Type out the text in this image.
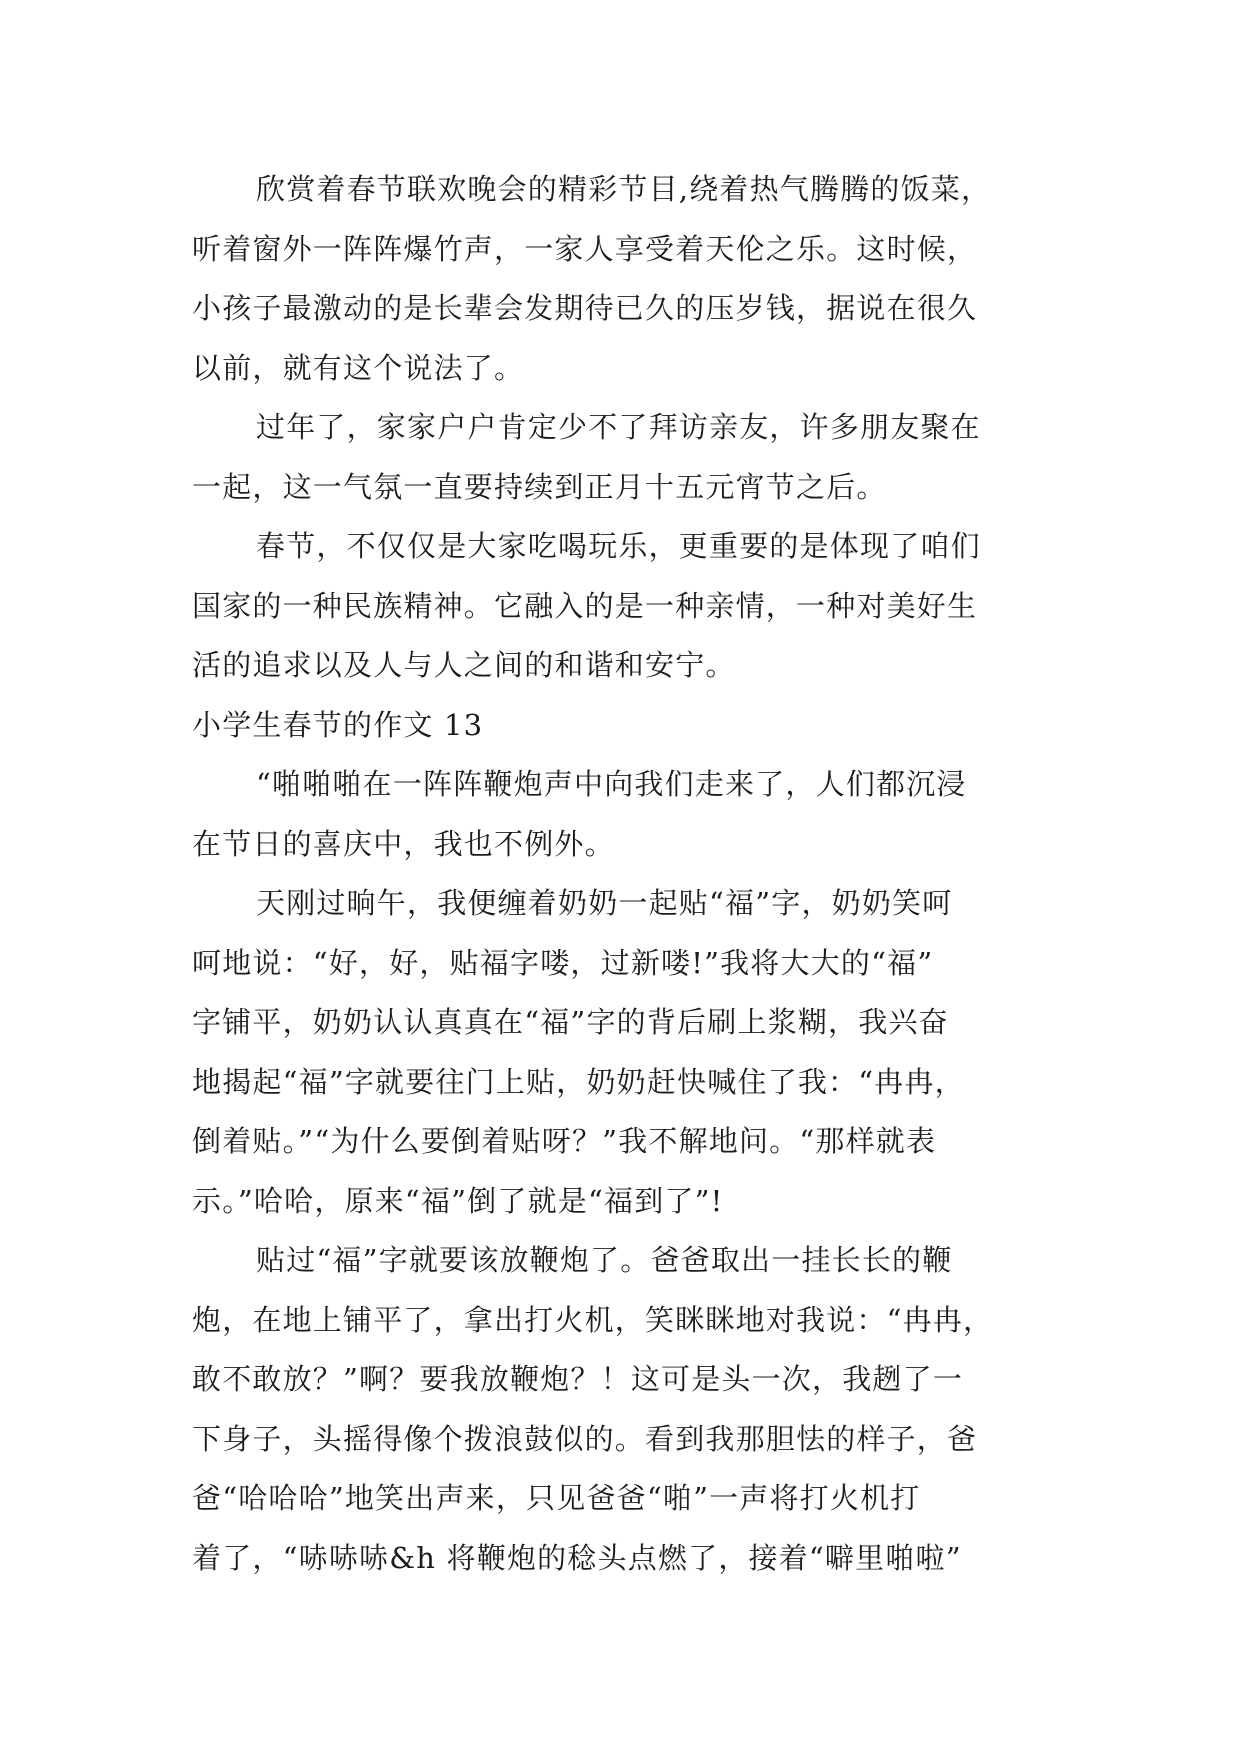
欣赏着春节联欢晚会的精彩节目,绕着热气腾腾的饭菜，
听着窗外一阵阵爆竹声，一家人享受着天伦之乐。这时候，
小孩子最激动的是长辈会发期待已久的压岁钱，据说在很久
以前，就有这个说法了。
过年了，家家户户肯定少不了拜访亲友，许多朋友聚在
一起，这一气氛一直要持续到正月十五元宵节之后。
春节，不仅仅是大家吃喝玩乐，更重要的是体现了咱们
国家的一种民族精神。它融入的是一种亲情，一种对美好生
活的追求以及人与人之间的和谐和安宁。
小学生春节的作文 13
“啪啪啪在一阵阵鞭炮声中向我们走来了，人们都沉浸
在节日的喜庆中，我也不例外。
天刚过晌午，我便缠着奶奶一起贴“福”字，奶奶笑呵
呵地说：“好，好，贴福字喽，过新喽!”我将大大的“福”
字铺平，奶奶认认真真在“福”字的背后刷上浆糊，我兴奋
地揭起“福”字就要往门上贴，奶奶赶快喊住了我：“冉冉，
倒着贴。”“为什么要倒着贴呀？”我不解地问。“那样就表
示。”哈哈，原来“福”倒了就是“福到了”!
贴过“福”字就要该放鞭炮了。爸爸取出一挂长长的鞭
炮，在地上铺平了，拿出打火机，笑眯眯地对我说：“冉冉，
敢不敢放？”啊？要我放鞭炮？！这可是头一次，我趔了一
下身子，头摇得像个拨浪鼓似的。看到我那胆怯的样子，爸
爸“哈哈哈”地笑出声来，只见爸爸“啪”一声将打火机打
着了，“哧哧哧&h 将鞭炮的稔头点燃了，接着“噼里啪啦”
